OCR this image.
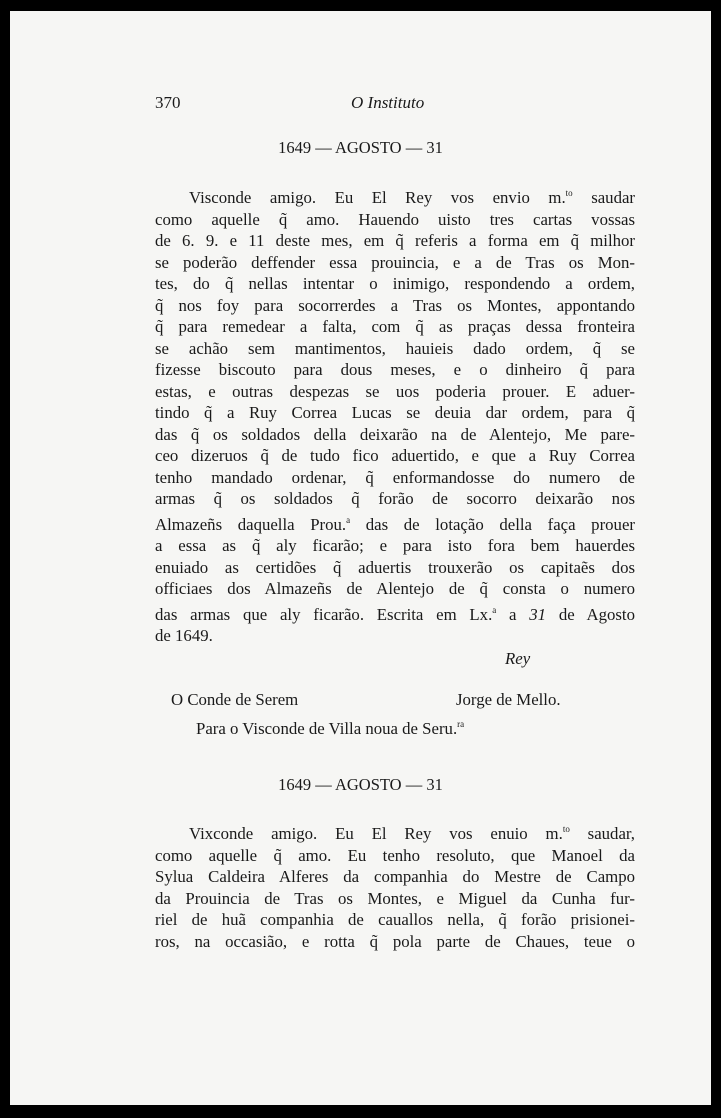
370	O Instituto
1649 — AGOSTO — 31
Visconde amigo. Eu El Rey vos envio m.$^{to}$ saudar
como aquelle q̃ amo. Hauendo uisto tres cartas vossas
de 6. 9. e 11 deste mes, em q̃ referis a forma em q̃ milhor
se poderão deffender essa prouincia, e a de Tras os Mon-
tes, do q̃ nellas intentar o inimigo, respondendo a ordem,
q̃ nos foy para socorrerdes a Tras os Montes, appontando
q̃ para remedear a falta, com q̃ as praças dessa fronteira
se achão sem mantimentos, hauieis dado ordem, q̃ se
fizesse biscouto para dous meses, e o dinheiro q̃ para
estas, e outras despezas se uos poderia prouer. E aduer-
tindo q̃ a Ruy Correa Lucas se deuia dar ordem, para q̃
das q̃ os soldados della deixarão na de Alentejo, Me pare-
ceo dizeruos q̃ de tudo fico aduertido, e que a Ruy Correa
tenho mandado ordenar, q̃ enformandosse do numero de
armas q̃ os soldados q̃ forão de socorro deixarão nos
Almazeñs daquella Prou.$^a$ das de lotação della faça prouer
a essa as q̃ aly ficarão; e para isto fora bem hauerdes
enuiado as certidões q̃ aduertis trouxerão os capitaẽs dos
officiaes dos Almazeñs de Alentejo de q̃ consta o numero
das armas que aly ficarão. Escrita em Lx.$^a$ a 31 de Agosto
de 1649.
Rey
O Conde de Serem	Jorge de Mello.
Para o Visconde de Villa noua de Seru.$^{ra}$
1649 — AGOSTO — 31
Vixconde amigo. Eu El Rey vos enuio m.$^{to}$ saudar,
como aquelle q̃ amo. Eu tenho resoluto, que Manoel da
Sylua Caldeira Alferes da companhia do Mestre de Campo
da Prouincia de Tras os Montes, e Miguel da Cunha fur-
riel de huã companhia de cauallos nella, q̃ forão prisionei-
ros, na occasião, e rotta q̃ pola parte de Chaues, teue o
